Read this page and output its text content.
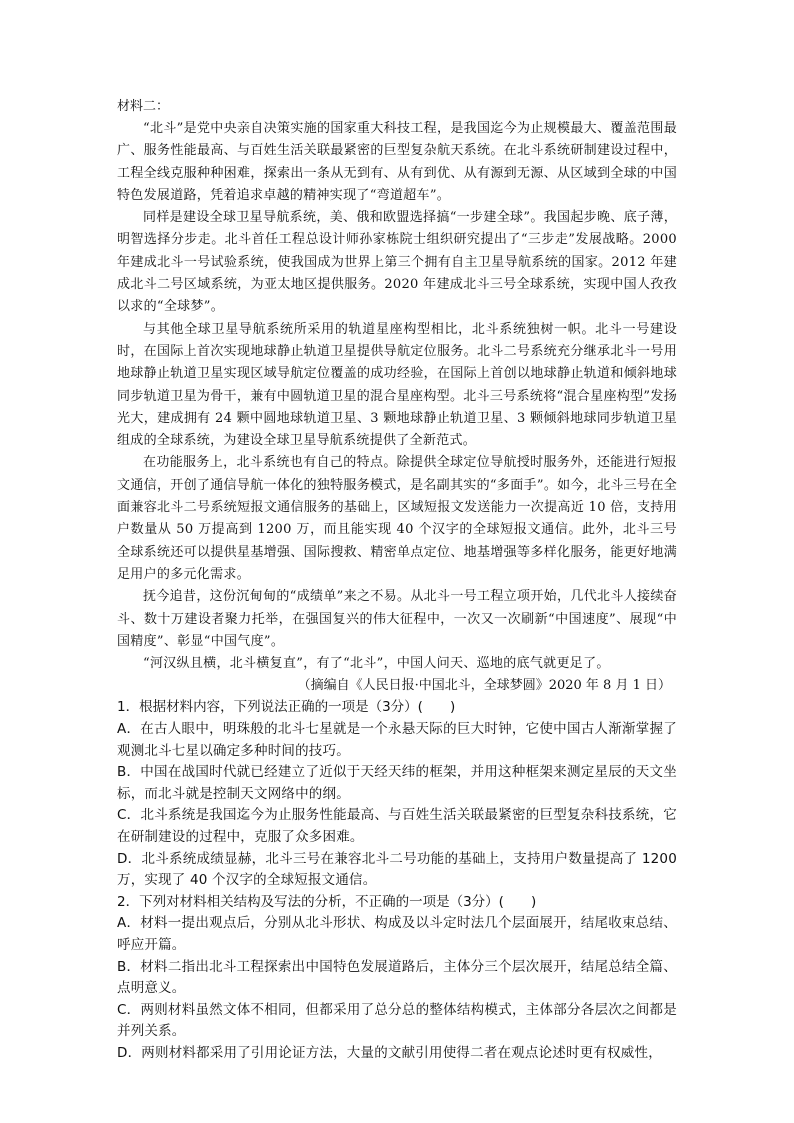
材料二：

“北斗”是党中央亲自决策实施的国家重大科技工程，是我国迄今为止规模最大、覆盖范围最广、服务性能最高、与百姓生活关联最紧密的巨型复杂航天系统。在北斗系统研制建设过程中，工程全线克服种种困难，探索出一条从无到有、从有到优、从有源到无源、从区域到全球的中国特色发展道路，凭着追求卓越的精神实现了“弯道超车”。

同样是建设全球卫星导航系统，美、俄和欧盟选择搞“一步建全球”。我国起步晚、底子薄，明智选择分步走。北斗首任工程总设计师孙家栋院士组织研究提出了“三步走”发展战略。2000 年建成北斗一号试验系统，使我国成为世界上第三个拥有自主卫星导航系统的国家。2012 年建成北斗二号区域系统，为亚太地区提供服务。2020 年建成北斗三号全球系统，实现中国人孜孜以求的“全球梦”。

与其他全球卫星导航系统所采用的轨道星座构型相比，北斗系统独树一帜。北斗一号建设时，在国际上首次实现地球静止轨道卫星提供导航定位服务。北斗二号系统充分继承北斗一号用地球静止轨道卫星实现区域导航定位覆盖的成功经验，在国际上首创以地球静止轨道和倾斜地球同步轨道卫星为骨干，兼有中圆轨道卫星的混合星座构型。北斗三号系统将“混合星座构型”发扬光大，建成拥有 24 颗中圆地球轨道卫星、3 颗地球静止轨道卫星、3 颗倾斜地球同步轨道卫星组成的全球系统，为建设全球卫星导航系统提供了全新范式。

在功能服务上，北斗系统也有自己的特点。除提供全球定位导航授时服务外，还能进行短报文通信，开创了通信导航一体化的独特服务模式，是名副其实的“多面手”。如今，北斗三号在全面兼容北斗二号系统短报文通信服务的基础上，区域短报文发送能力一次提高近 10 倍，支持用户数量从 50 万提高到 1200 万，而且能实现 40 个汉字的全球短报文通信。此外，北斗三号全球系统还可以提供星基增强、国际搜救、精密单点定位、地基增强等多样化服务，能更好地满足用户的多元化需求。

抚今追昔，这份沉甸甸的“成绩单”来之不易。从北斗一号工程立项开始，几代北斗人接续奋斗、数十万建设者聚力托举，在强国复兴的伟大征程中，一次又一次刷新“中国速度”、展现“中国精度”、彰显“中国气度”。

“河汉纵且横，北斗横复直”，有了“北斗”，中国人问天、巡地的底气就更足了。

（摘编自《人民日报·中国北斗，全球梦圆》2020 年 8 月 1 日）

1．根据材料内容，下列说法正确的一项是（3分）(　　)

A．在古人眼中，明珠般的北斗七星就是一个永悬天际的巨大时钟，它使中国古人渐渐掌握了观测北斗七星以确定多种时间的技巧。

B．中国在战国时代就已经建立了近似于天经天纬的框架，并用这种框架来测定星辰的天文坐标，而北斗就是控制天文网络中的纲。

C．北斗系统是我国迄今为止服务性能最高、与百姓生活关联最紧密的巨型复杂科技系统，它在研制建设的过程中，克服了众多困难。

D．北斗系统成绩显赫，北斗三号在兼容北斗二号功能的基础上，支持用户数量提高了 1200 万，实现了 40 个汉字的全球短报文通信。

2．下列对材料相关结构及写法的分析，不正确的一项是（3分）(　　)

A．材料一提出观点后，分别从北斗形状、构成及以斗定时法几个层面展开，结尾收束总结、呼应开篇。

B．材料二指出北斗工程探索出中国特色发展道路后，主体分三个层次展开，结尾总结全篇、点明意义。

C．两则材料虽然文体不相同，但都采用了总分总的整体结构模式，主体部分各层次之间都是并列关系。

D．两则材料都采用了引用论证方法，大量的文献引用使得二者在观点论述时更有权威性，
